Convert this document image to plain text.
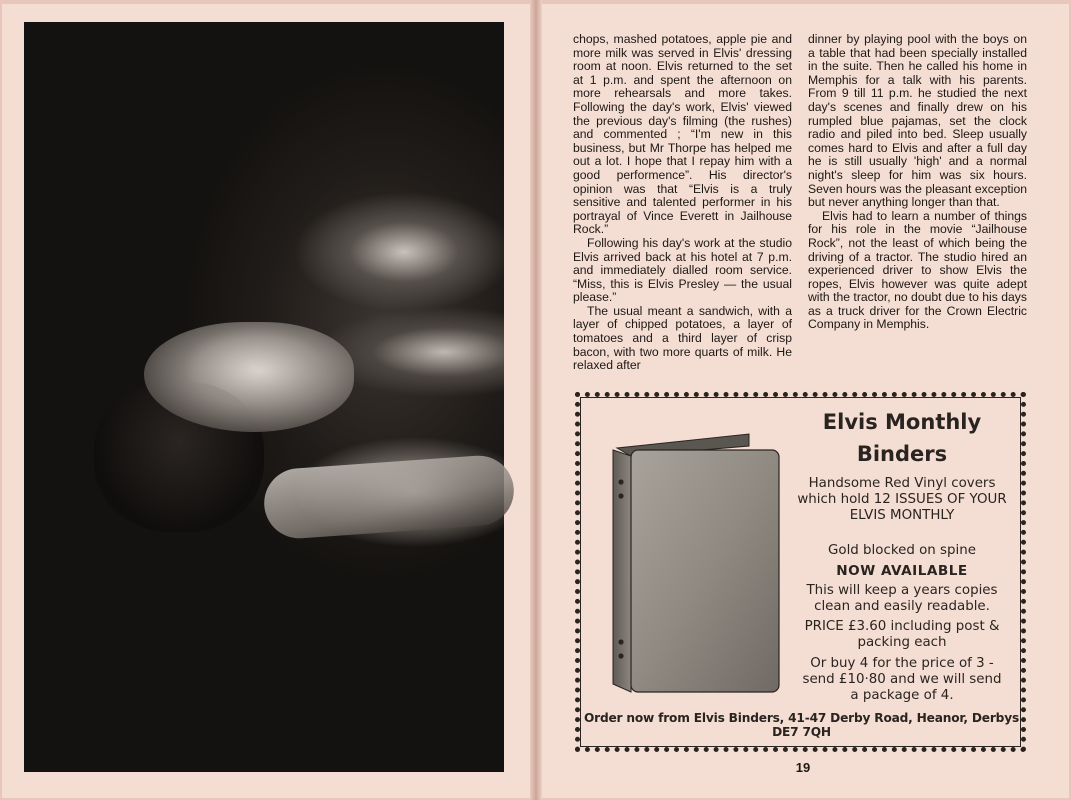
chops, mashed potatoes, apple pie and more milk was served in Elvis' dressing room at noon. Elvis returned to the set at 1 p.m. and spent the afternoon on more rehearsals and more takes. Following the day's work, Elvis' viewed the previous day's filming (the rushes) and commented ; “I'm new in this business, but Mr Thorpe has helped me out a lot. I hope that I repay him with a good performence”. His director's opinion was that “Elvis is a truly sensitive and talented performer in his portrayal of Vince Everett in Jailhouse Rock.”

Following his day's work at the studio Elvis arrived back at his hotel at 7 p.m. and immediately dialled room service. “Miss, this is Elvis Presley — the usual please.”

The usual meant a sandwich, with a layer of chipped potatoes, a layer of tomatoes and a third layer of crisp bacon, with two more quarts of milk. He relaxed after

dinner by playing pool with the boys on a table that had been specially installed in the suite. Then he called his home in Memphis for a talk with his parents. From 9 till 11 p.m. he studied the next day's scenes and finally drew on his rumpled blue pajamas, set the clock radio and piled into bed. Sleep usually comes hard to Elvis and after a full day he is still usually 'high' and a normal night's sleep for him was six hours. Seven hours was the pleasant exception but never anything longer than that.

Elvis had to learn a number of things for his role in the movie “Jailhouse Rock”, not the least of which being the driving of a tractor. The studio hired an experienced driver to show Elvis the ropes, Elvis however was quite adept with the tractor, no doubt due to his days as a truck driver for the Crown Electric Company in Memphis.

Elvis Monthly
Binders
Handsome Red Vinyl covers which hold 12 ISSUES OF YOUR ELVIS MONTHLY
Gold blocked on spine
NOW AVAILABLE
This will keep a years copies clean and easily readable.
PRICE £3.60 including post & packing each
Or buy 4 for the price of 3 - send £10·80 and we will send a package of 4.
Order now from Elvis Binders, 41-47 Derby Road, Heanor, Derbys DE7 7QH
19
